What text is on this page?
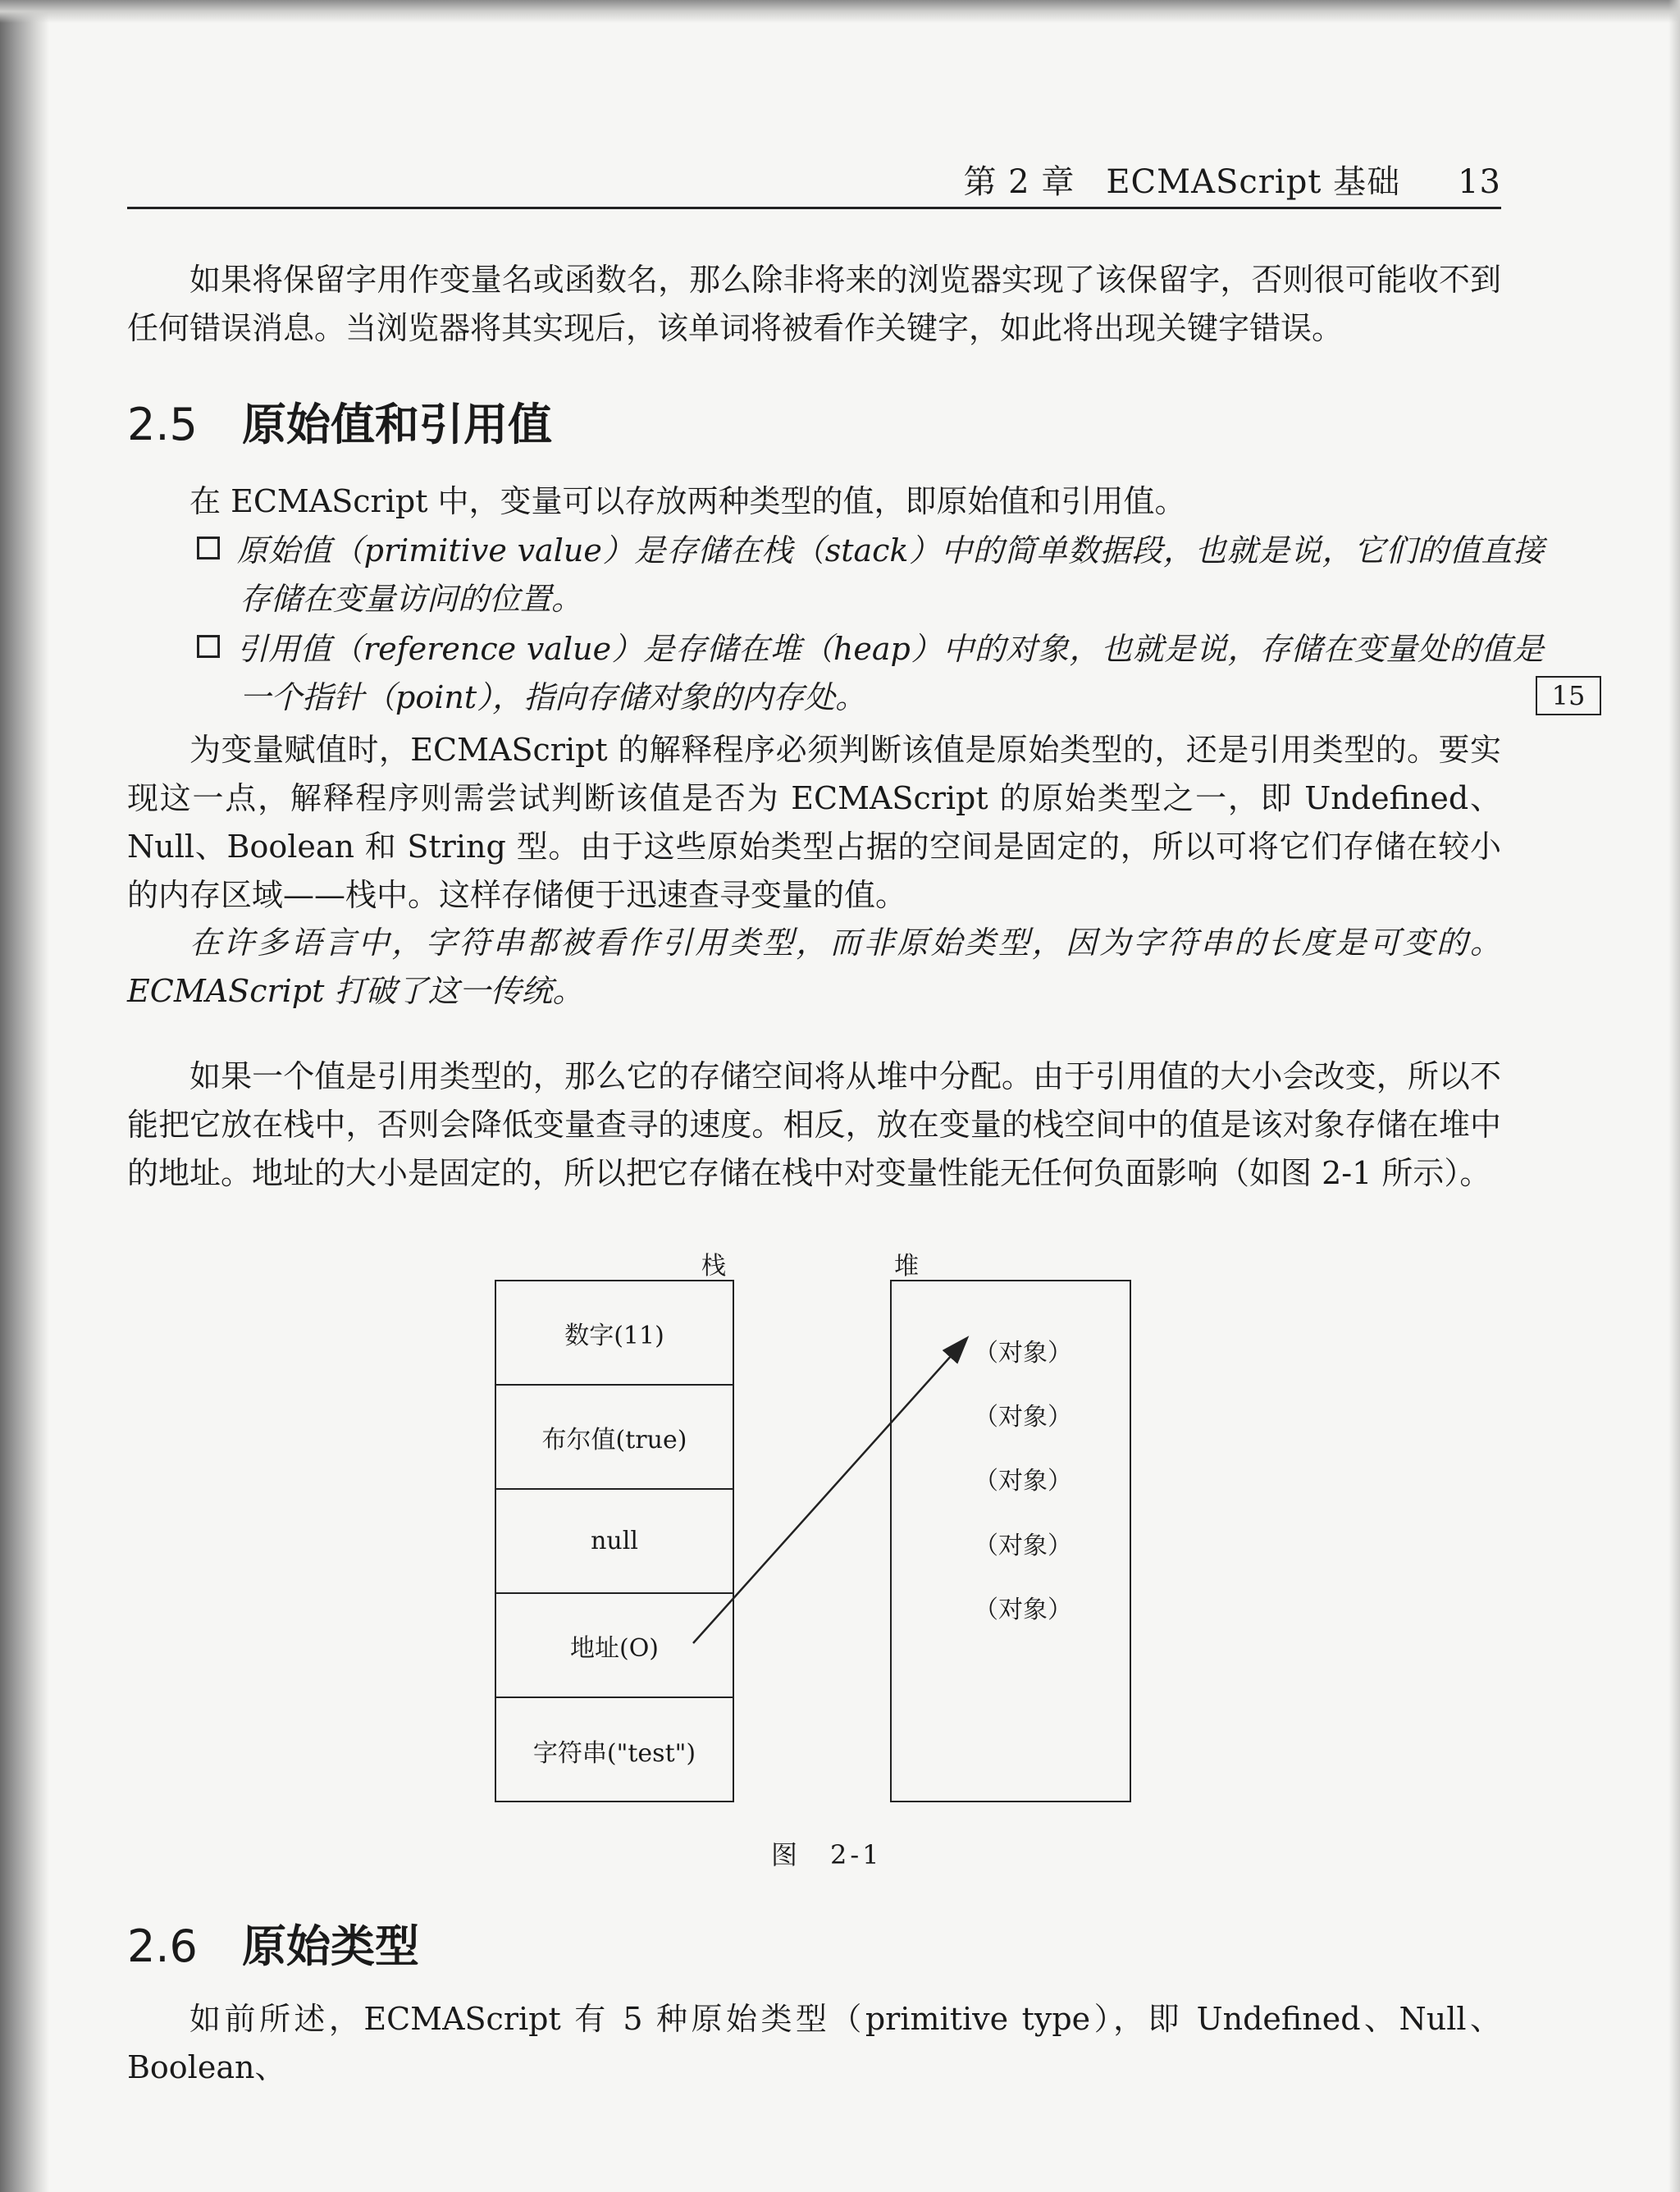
第 2 章 ECMAScript 基础 13
15

如果将保留字用作变量名或函数名，那么除非将来的浏览器实现了该保留字，否则很可能收不到任何错误消息。当浏览器将其实现后，该单词将被看作关键字，如此将出现关键字错误。

2.5 原始值和引用值

在 ECMAScript 中，变量可以存放两种类型的值，即原始值和引用值。

原始值（primitive value）是存储在栈（stack）中的简单数据段，也就是说，它们的值直接存储在变量访问的位置。

引用值（reference value）是存储在堆（heap）中的对象，也就是说，存储在变量处的值是一个指针（point），指向存储对象的内存处。

为变量赋值时，ECMAScript 的解释程序必须判断该值是原始类型的，还是引用类型的。要实现这一点，解释程序则需尝试判断该值是否为 ECMAScript 的原始类型之一，即 Undefined、Null、Boolean 和 String 型。由于这些原始类型占据的空间是固定的，所以可将它们存储在较小的内存区域——栈中。这样存储便于迅速查寻变量的值。

在许多语言中，字符串都被看作引用类型，而非原始类型，因为字符串的长度是可变的。ECMAScript 打破了这一传统。

如果一个值是引用类型的，那么它的存储空间将从堆中分配。由于引用值的大小会改变，所以不能把它放在栈中，否则会降低变量查寻的速度。相反，放在变量的栈空间中的值是该对象存储在堆中的地址。地址的大小是固定的，所以把它存储在栈中对变量性能无任何负面影响（如图 2-1 所示）。

栈	堆
数字(11)
布尔值(true)
null
地址(O)
字符串("test")
（对象）
（对象）
（对象）
（对象）
（对象）
图　2-1
2.6 原始类型

如前所述，ECMAScript 有 5 种原始类型（primitive type），即 Undefined、Null、Boolean、
